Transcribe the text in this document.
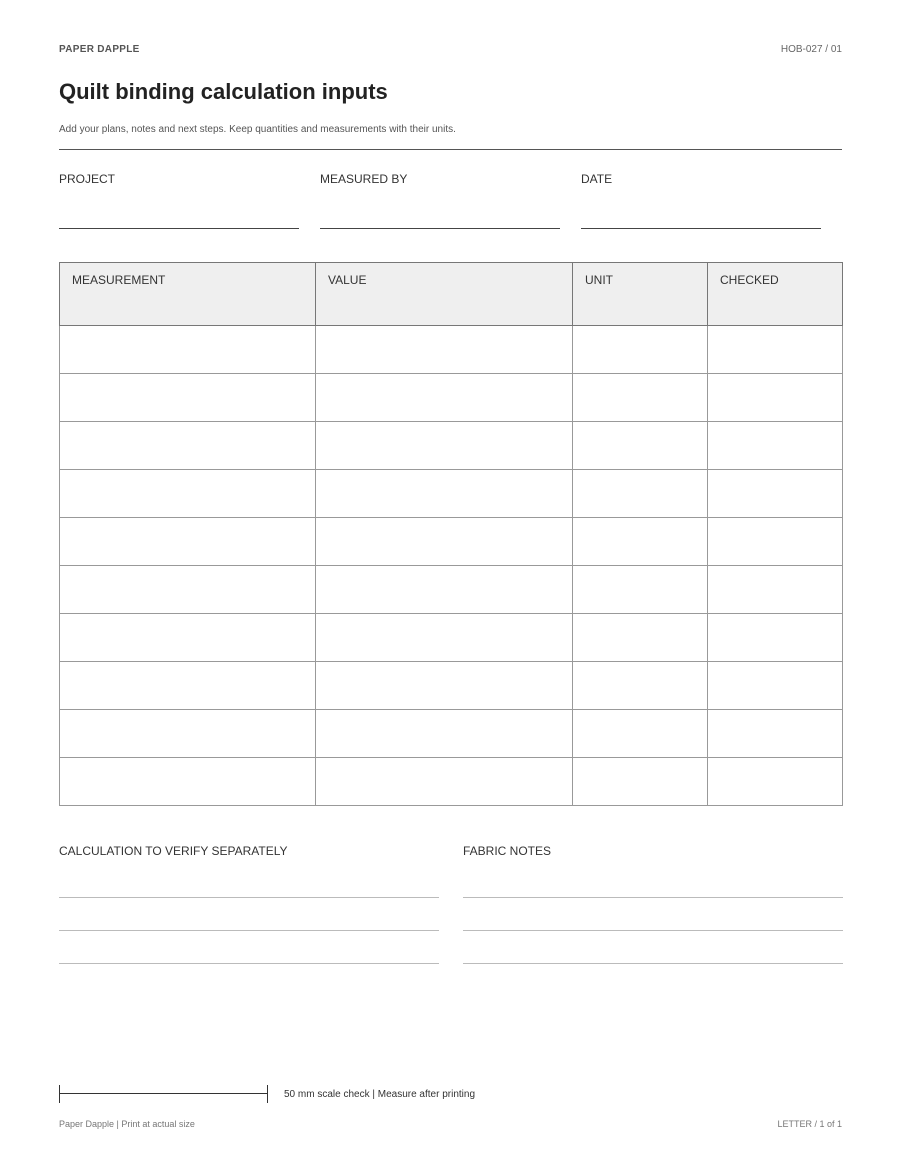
PAPER DAPPLE	HOB-027 / 01
Quilt binding calculation inputs
Add your plans, notes and next steps. Keep quantities and measurements with their units.
PROJECT	MEASURED BY	DATE
MEASUREMENT	VALUE	UNIT	CHECKED

CALCULATION TO VERIFY SEPARATELY	FABRIC NOTES
50 mm scale check | Measure after printing
Paper Dapple | Print at actual size	LETTER / 1 of 1
